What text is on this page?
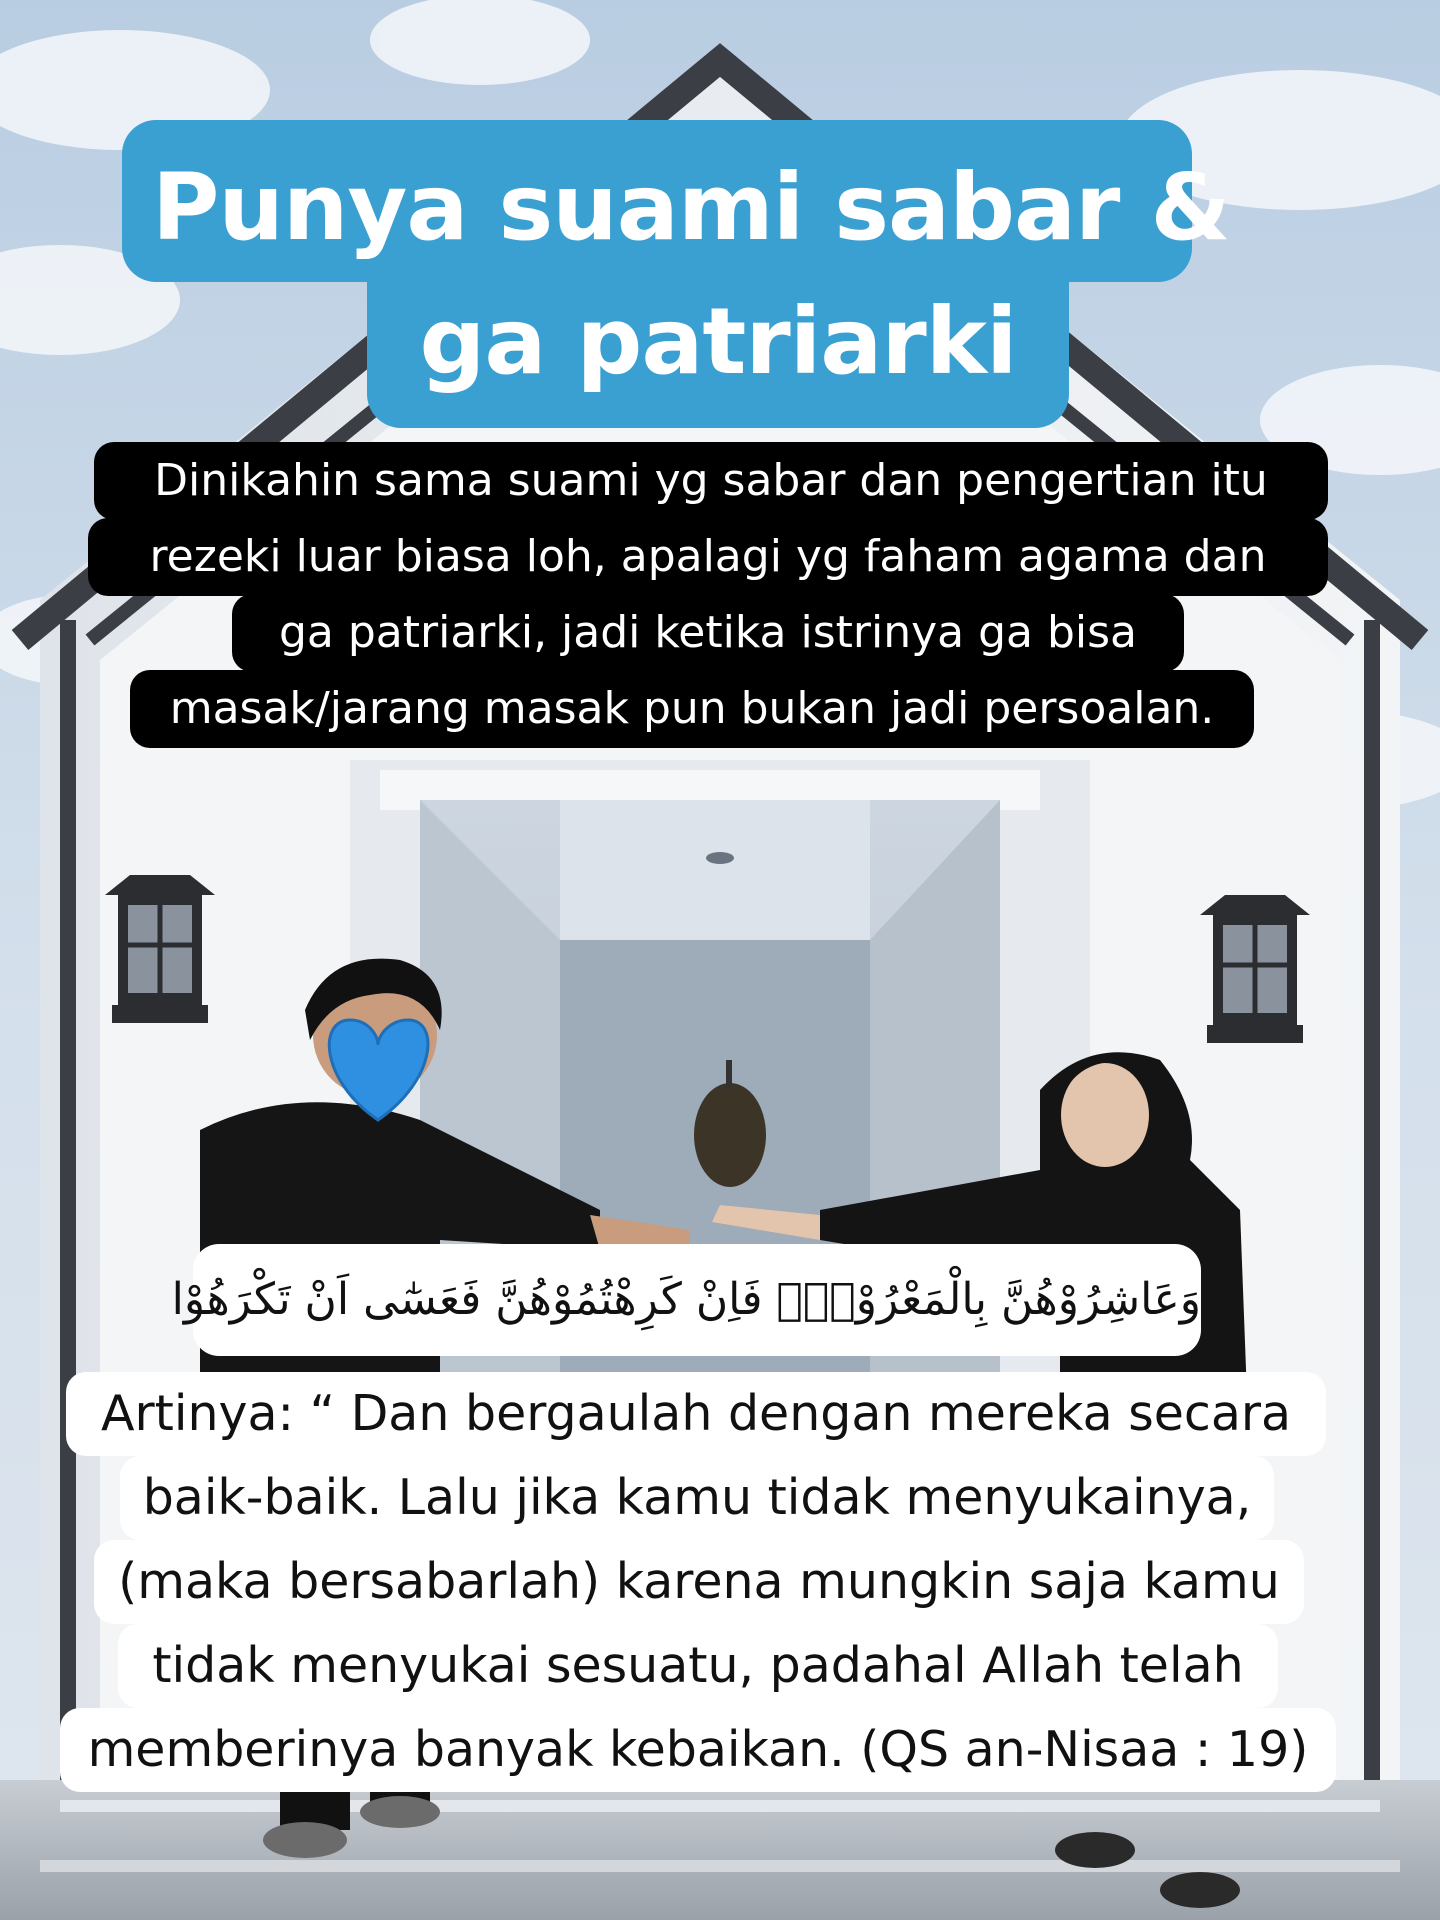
Punya suami sabar &
ga patriarki
Dinikahin sama suami yg sabar dan pengertian itu
rezeki luar biasa loh, apalagi yg faham agama dan
ga patriarki, jadi ketika istrinya ga bisa
masak/jarang masak pun bukan jadi persoalan.
وَعَاشِرُوْهُنَّ بِالْمَعْرُوْفِۚ فَاِنْ كَرِهْتُمُوْهُنَّ فَعَسٰٓى اَنْ تَكْرَهُوْا
Artinya: “ Dan bergaulah dengan mereka secara
baik-baik. Lalu jika kamu tidak menyukainya,
(maka bersabarlah) karena mungkin saja kamu
tidak menyukai sesuatu, padahal Allah telah
memberinya banyak kebaikan. (QS an-Nisaa : 19)
